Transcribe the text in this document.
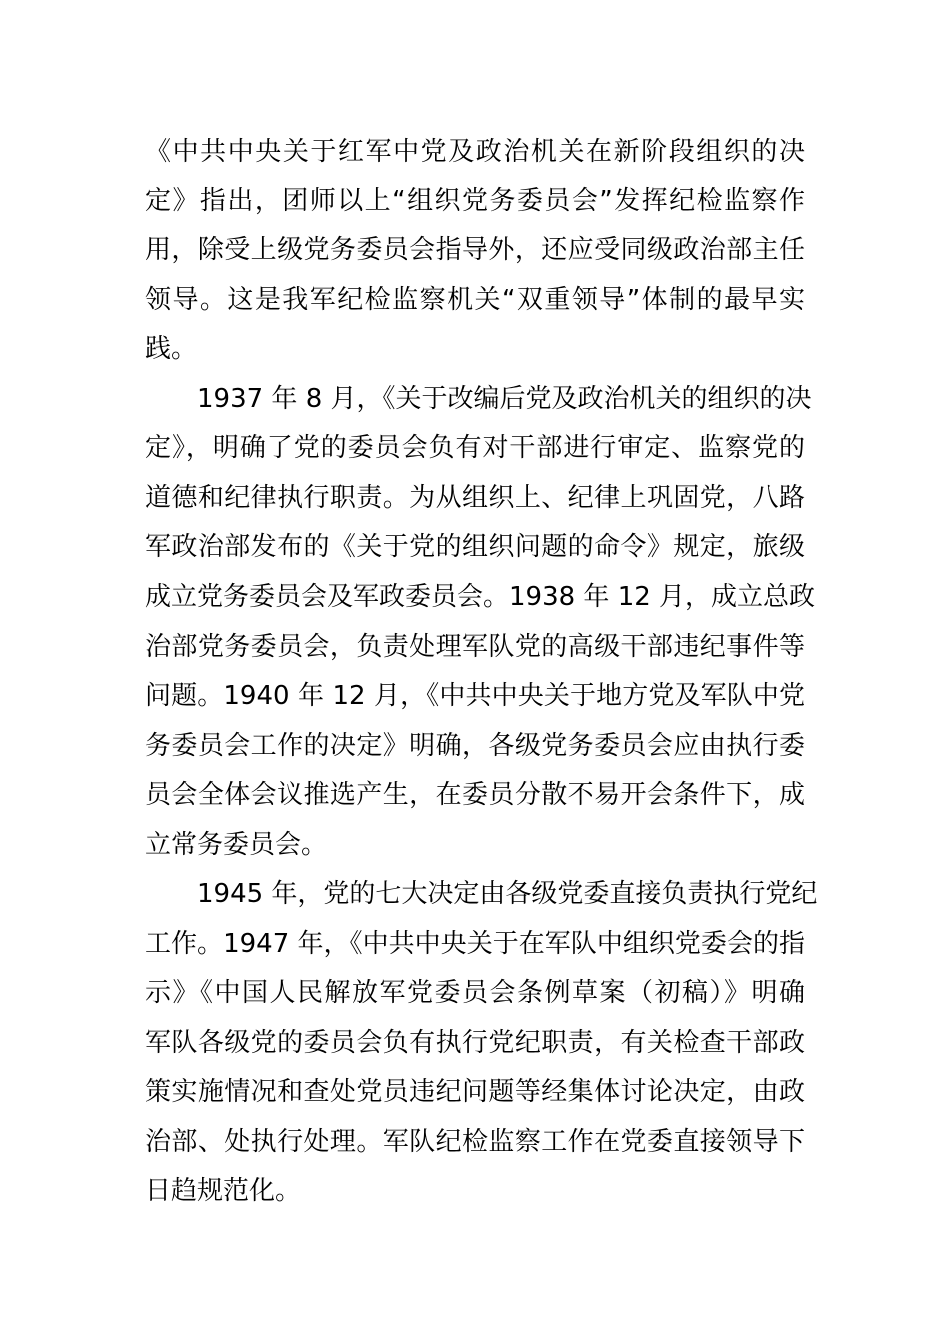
《中共中央关于红军中党及政治机关在新阶段组织的决
定》指出，团师以上“组织党务委员会”发挥纪检监察作
用，除受上级党务委员会指导外，还应受同级政治部主任
领导。这是我军纪检监察机关“双重领导”体制的最早实
践。
1937 年 8 月，《关于改编后党及政治机关的组织的决
定》，明确了党的委员会负有对干部进行审定、监察党的
道德和纪律执行职责。为从组织上、纪律上巩固党，八路
军政治部发布的《关于党的组织问题的命令》规定，旅级
成立党务委员会及军政委员会。1938 年 12 月，成立总政
治部党务委员会，负责处理军队党的高级干部违纪事件等
问题。1940 年 12 月，《中共中央关于地方党及军队中党
务委员会工作的决定》明确，各级党务委员会应由执行委
员会全体会议推选产生，在委员分散不易开会条件下，成
立常务委员会。
1945 年，党的七大决定由各级党委直接负责执行党纪
工作。1947 年，《中共中央关于在军队中组织党委会的指
示》《中国人民解放军党委员会条例草案（初稿）》明确
军队各级党的委员会负有执行党纪职责，有关检查干部政
策实施情况和查处党员违纪问题等经集体讨论决定，由政
治部、处执行处理。军队纪检监察工作在党委直接领导下
日趋规范化。
